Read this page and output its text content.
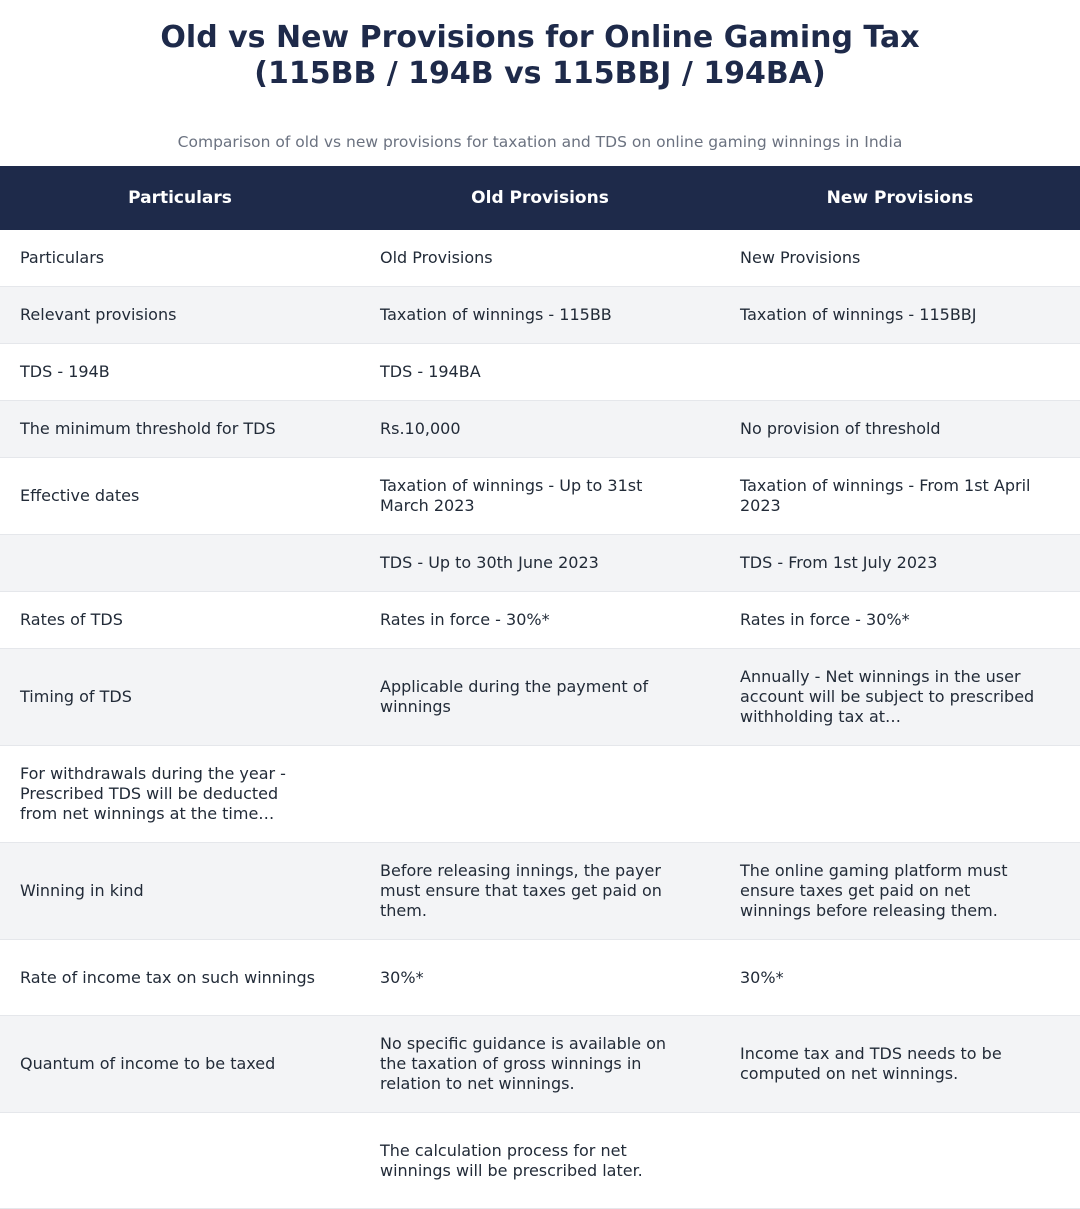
Old vs New Provisions for Online Gaming Tax

(115BB / 194B vs 115BBJ / 194BA)

Comparison of old vs new provisions for taxation and TDS on online gaming winnings in India
Particulars	Old Provisions	New Provisions
Particulars	Old Provisions	New Provisions
Relevant provisions	Taxation of winnings - 115BB	Taxation of winnings - 115BBJ
TDS - 194B	TDS - 194BA	
The minimum threshold for TDS	Rs.10,000	No provision of threshold
Effective dates	Taxation of winnings - Up to 31st March 2023	Taxation of winnings - From 1st April 2023
	TDS - Up to 30th June 2023	TDS - From 1st July 2023
Rates of TDS	Rates in force - 30%*	Rates in force - 30%*
Timing of TDS	Applicable during the payment of winnings	Annually - Net winnings in the user account will be subject to prescribed withholding tax at…

For withdrawals during the year - Prescribed TDS will be deducted from net winnings at the time…		

Winning in kind	Before releasing innings, the payer must ensure that taxes get paid on them.	The online gaming platform must ensure taxes get paid on net winnings before releasing them.
Rate of income tax on such winnings	30%*	30%*
Quantum of income to be taxed	No specific guidance is available on the taxation of gross winnings in relation to net winnings.	Income tax and TDS needs to be computed on net winnings.
	The calculation process for net winnings will be prescribed later.	
